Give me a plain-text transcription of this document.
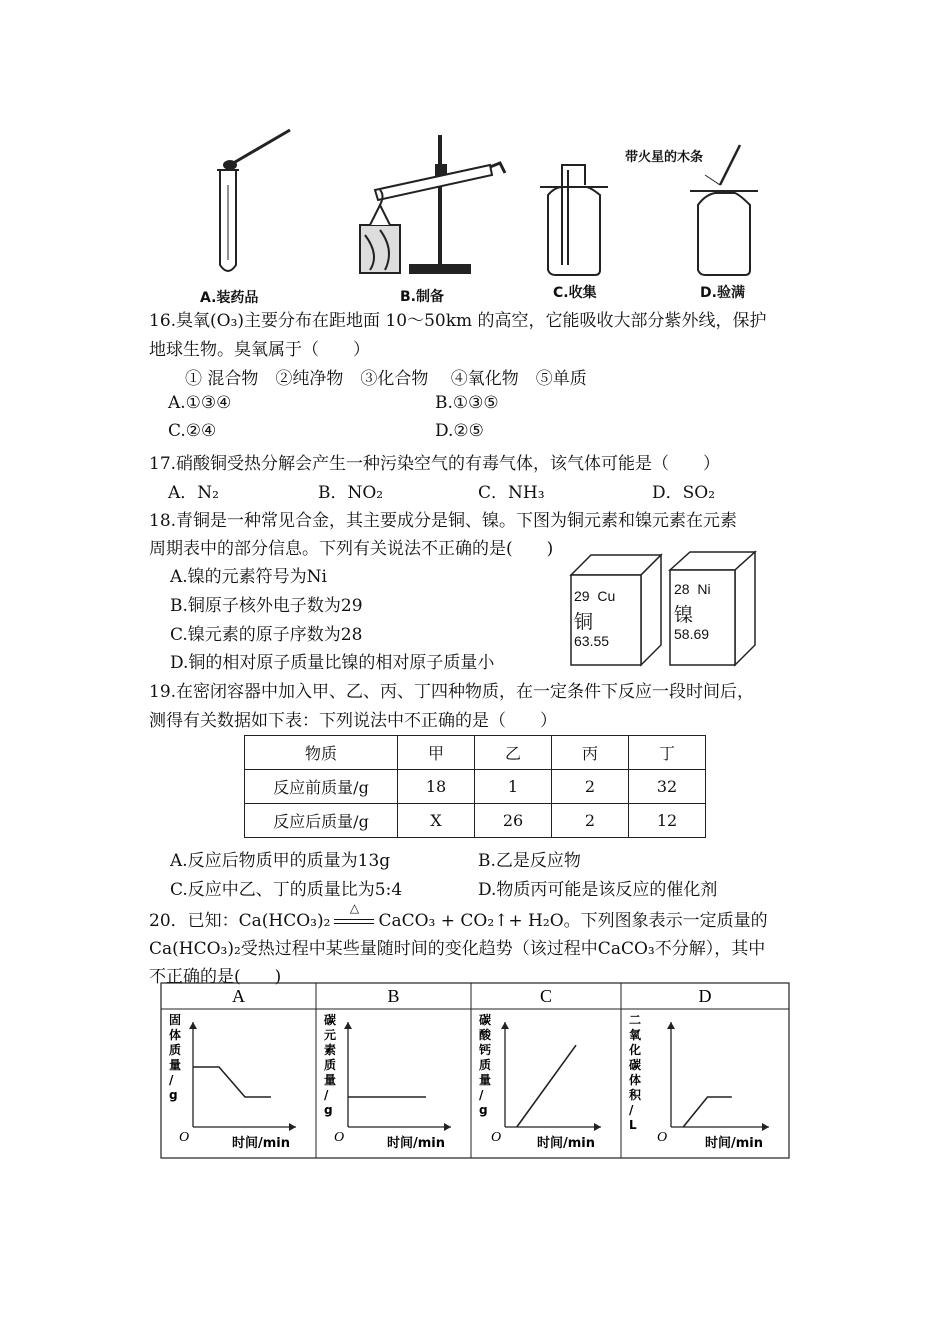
A.装药品	B.制备	C.收集	D.验满
带火星的木条
16.臭氧(O₃)主要分布在距地面 10～50km 的高空，它能吸收大部分紫外线，保护
地球生物。臭氧属于（　　）
① 混合物　②纯净物　③化合物　 ④氧化物　⑤单质
A.①③④	B.①③⑤
C.②④	D.②⑤
17.硝酸铜受热分解会产生一种污染空气的有毒气体，该气体可能是（　　）
A．N₂	B．NO₂	C．NH₃	D．SO₂
18.青铜是一种常见合金，其主要成分是铜、镍。下图为铜元素和镍元素在元素
周期表中的部分信息。下列有关说法不正确的是(　　)
A.镍的元素符号为Ni
B.铜原子核外电子数为29
C.镍元素的原子序数为28
D.铜的相对原子质量比镍的相对原子质量小
29 Cu
铜
63.55
28 Ni
镍
58.69
19.在密闭容器中加入甲、乙、丙、丁四种物质，在一定条件下反应一段时间后，
测得有关数据如下表：下列说法中不正确的是（　　）
物质	甲	乙	丙	丁
反应前质量/g	18	1	2	32
反应后质量/g	X	26	2	12
A.反应后物质甲的质量为13g	B.乙是反应物
C.反应中乙、丁的质量比为5:4	D.物质丙可能是该反应的催化剂
20．已知：Ca(HCO₃)₂
△
CaCO₃ + CO₂↑+ H₂O。下列图象表示一定质量的
Ca(HCO₃)₂受热过程中某些量随时间的变化趋势（该过程中CaCO₃不分解），其中
不正确的是(　　)
A
O	时间/min
固体质量/ g
B
O	时间/min
碳元素质量/ g
C
O	时间/min
碳酸钙质量/ g
D
O	时间/min
二氧化碳体积/ L
